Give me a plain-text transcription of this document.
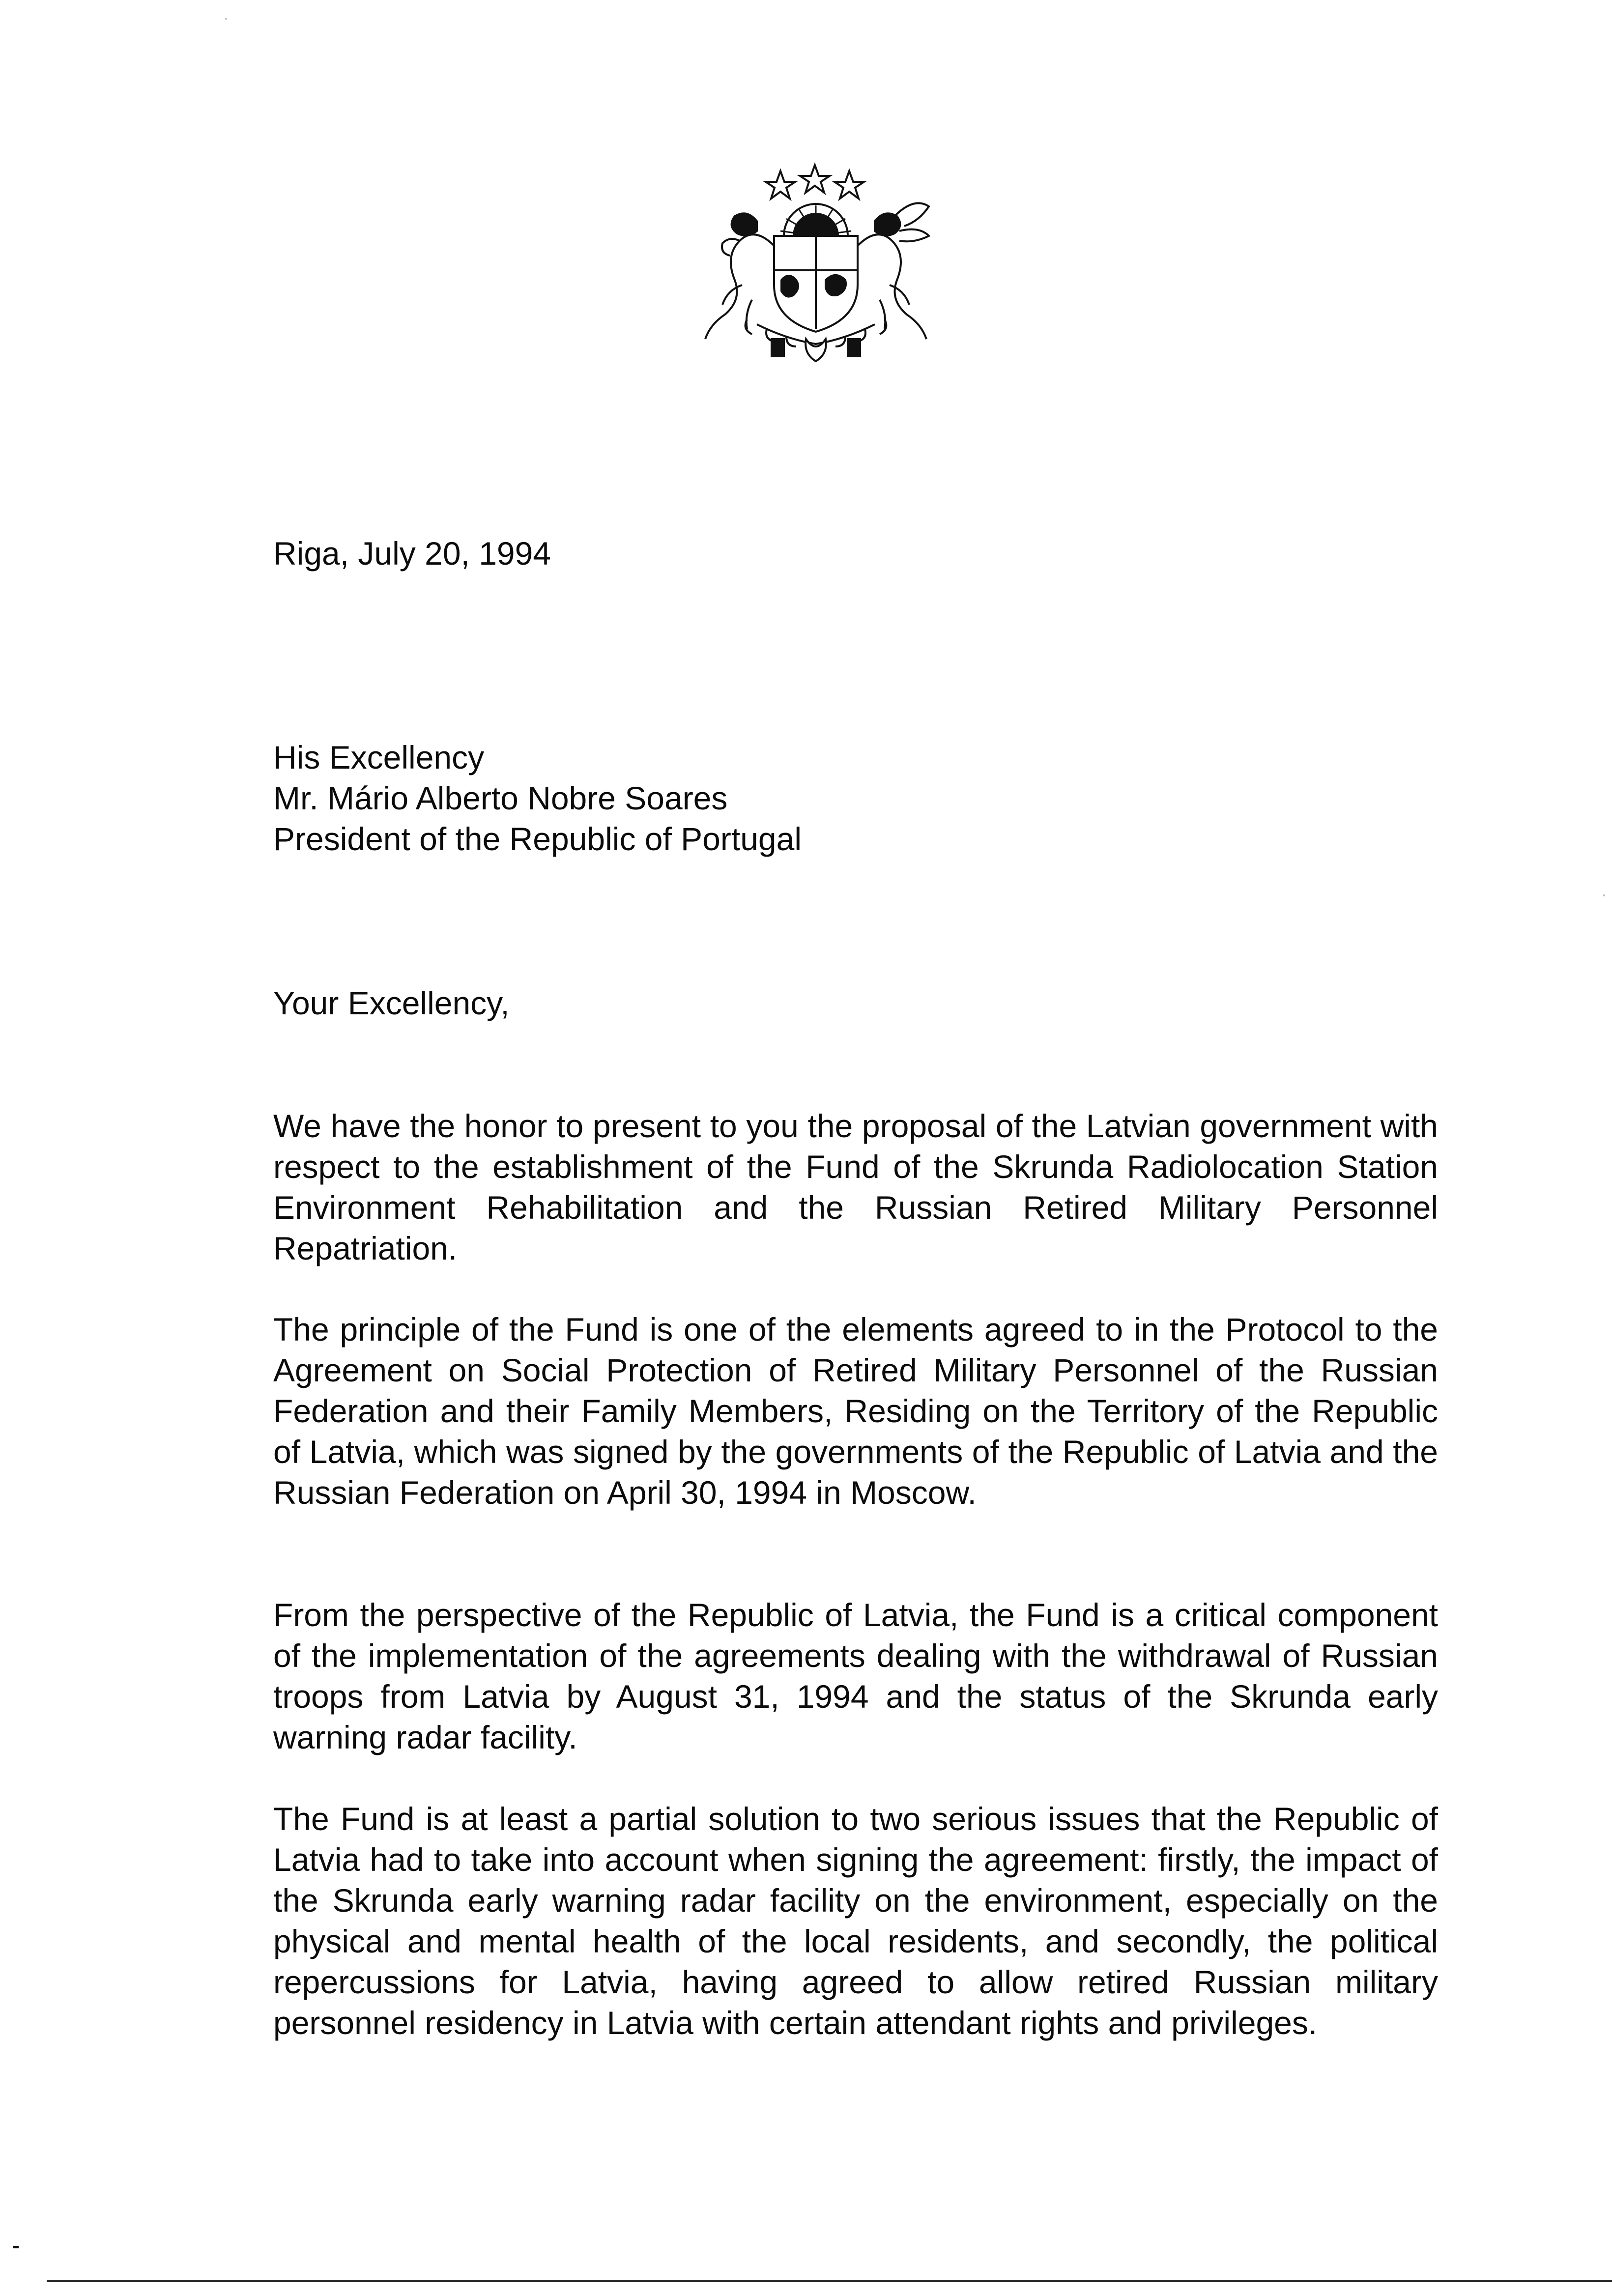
Riga, July 20, 1994
His Excellency
Mr. Mário Alberto Nobre Soares
President of the Republic of Portugal
Your Excellency,

We have the honor to present to you the proposal of the Latvian government with respect to the establishment of the Fund of the Skrunda Radiolocation Station Environment Rehabilitation and the Russian Retired Military Personnel Repatriation.

The principle of the Fund is one of the elements agreed to in the Protocol to the Agreement on Social Protection of Retired Military Personnel of the Russian Federation and their Family Members, Residing on the Territory of the Republic of Latvia, which was signed by the governments of the Republic of Latvia and the Russian Federation on April 30, 1994 in Moscow.

From the perspective of the Republic of Latvia, the Fund is a critical component of the implementation of the agreements dealing with the withdrawal of Russian troops from Latvia by August 31, 1994 and the status of the Skrunda early warning radar facility.

The Fund is at least a partial solution to two serious issues that the Republic of Latvia had to take into account when signing the agreement: firstly, the impact of the Skrunda early warning radar facility on the environment, especially on the physical and mental health of the local residents, and secondly, the political repercussions for Latvia, having agreed to allow retired Russian military personnel residency in Latvia with certain attendant rights and privileges.
